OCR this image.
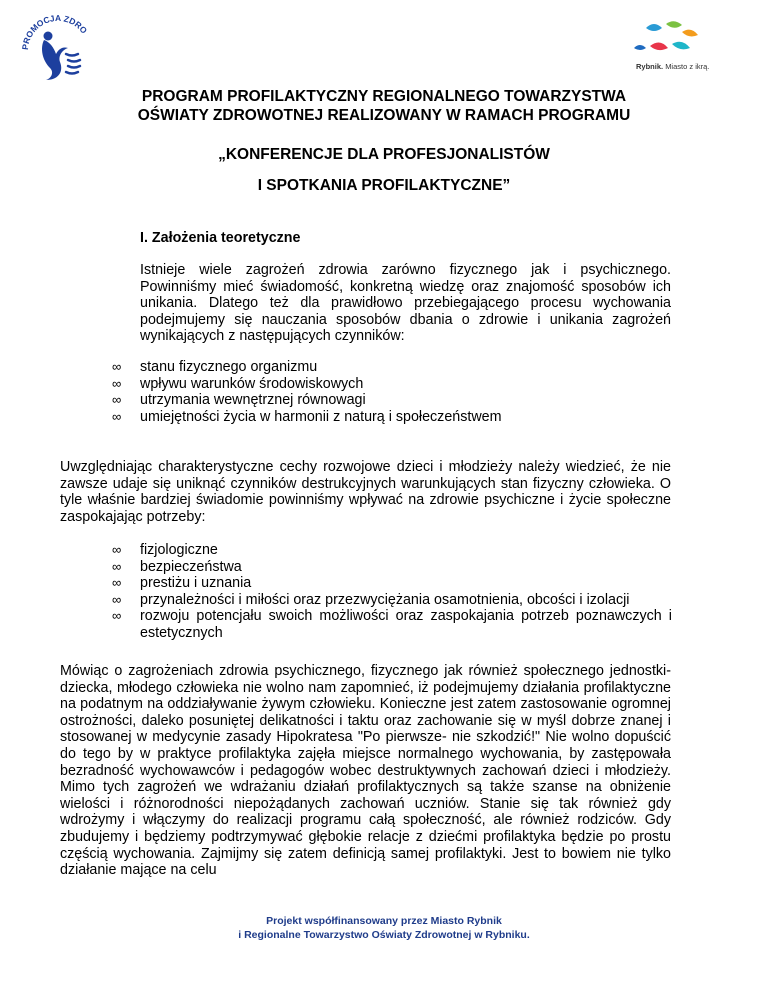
PROMOCJA ZDRO
Rybnik. Miasto z ikrą.
PROGRAM PROFILAKTYCZNY REGIONALNEGO TOWARZYSTWA
OŚWIATY ZDROWOTNEJ REALIZOWANY W RAMACH PROGRAMU
„KONFERENCJE DLA PROFESJONALISTÓW
I SPOTKANIA PROFILAKTYCZNE”
I. Założenia teoretyczne
Istnieje wiele zagrożeń zdrowia zarówno fizycznego jak i psychicznego. Powinniśmy mieć świadomość, konkretną wiedzę oraz znajomość sposobów ich unikania. Dlatego też dla prawidłowo przebiegającego procesu wychowania podejmujemy się nauczania sposobów dbania o zdrowie i unikania zagrożeń wynikających z następujących czynników:
∞ stanu fizycznego organizmu
∞ wpływu warunków środowiskowych
∞ utrzymania wewnętrznej równowagi
∞ umiejętności życia w harmonii z naturą i społeczeństwem
Uwzględniając charakterystyczne cechy rozwojowe dzieci i młodzieży należy wiedzieć, że nie zawsze udaje się uniknąć czynników destrukcyjnych warunkujących stan fizyczny człowieka. O tyle właśnie bardziej świadomie powinniśmy wpływać na zdrowie psychiczne i życie społeczne zaspokajając potrzeby:
∞ fizjologiczne
∞ bezpieczeństwa
∞ prestiżu i uznania
∞ przynależności i miłości oraz przezwyciężania osamotnienia, obcości i izolacji
∞ rozwoju potencjału swoich możliwości oraz zaspokajania potrzeb poznawczych i estetycznych
Mówiąc o zagrożeniach zdrowia psychicznego, fizycznego jak również społecznego jednostki- dziecka, młodego człowieka nie wolno nam zapomnieć, iż podejmujemy działania profilaktyczne na podatnym na oddziaływanie żywym człowieku. Konieczne jest zatem zastosowanie ogromnej ostrożności, daleko posuniętej delikatności i taktu oraz zachowanie się w myśl dobrze znanej i stosowanej w medycynie zasady Hipokratesa "Po pierwsze- nie szkodzić!" Nie wolno dopuścić do tego by w praktyce profilaktyka zajęła miejsce normalnego wychowania, by zastępowała bezradność wychowawców i pedagogów wobec destruktywnych zachowań dzieci i młodzieży. Mimo tych zagrożeń we wdrażaniu działań profilaktycznych są także szanse na obniżenie wielości i różnorodności niepożądanych zachowań uczniów. Stanie się tak również gdy wdrożymy i włączymy do realizacji programu całą społeczność, ale również rodziców. Gdy zbudujemy i będziemy podtrzymywać głębokie relacje z dziećmi profilaktyka będzie po prostu częścią wychowania. Zajmijmy się zatem definicją samej profilaktyki. Jest to bowiem nie tylko działanie mające na celu
Projekt współfinansowany przez Miasto Rybnik
i Regionalne Towarzystwo Oświaty Zdrowotnej w Rybniku.
